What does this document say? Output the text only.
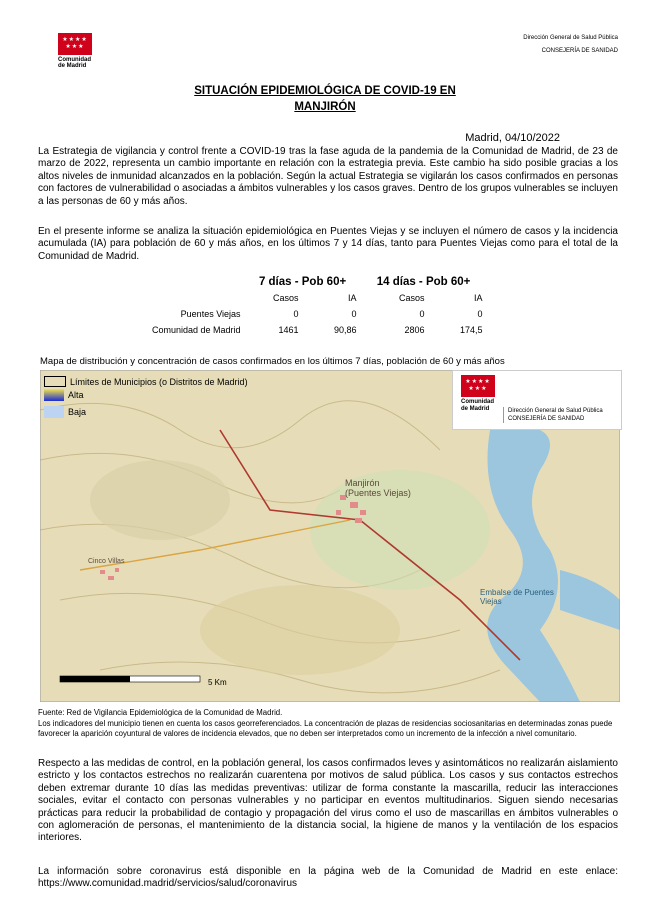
★★★★ ★★★
Comunidad
de Madrid
Dirección General de Salud Pública
CONSEJERÍA DE SANIDAD
SITUACIÓN EPIDEMIOLÓGICA DE COVID-19 EN
MANJIRÓN
Madrid, 04/10/2022
La Estrategia de vigilancia y control frente a COVID-19 tras la fase aguda de la pandemia de la Comunidad de Madrid, de 23 de marzo de 2022, representa un cambio importante en relación con la estrategia previa. Este cambio ha sido posible gracias a los altos niveles de inmunidad alcanzados en la población. Según la actual Estrategia se vigilarán los casos confirmados en personas con factores de vulnerabilidad o asociadas a ámbitos vulnerables y los casos graves. Dentro de los grupos vulnerables se incluyen a las personas de 60 y más años.
En el presente informe se analiza la situación epidemiológica en Puentes Viejas y se incluyen el número de casos y la incidencia acumulada (IA) para población de 60 y más años, en los últimos 7 y 14 días, tanto para Puentes Viejas como para el total de la Comunidad de Madrid.
	7 días - Pob 60+		14 días - Pob 60+	
	Casos	IA	Casos	IA
Puentes Viejas	0	0	0	0
Comunidad de Madrid	1461	90,86	2806	174,5
Mapa de distribución y concentración de casos confirmados en los últimos 7 días, población de 60 y más años
Manjirón
(Puentes Viejas)
Cinco Villas
Embalse de Puentes Viejas
5 Km
Límites de Municipios (o Distritos de Madrid)
Alta
Baja
★★★★ ★★★
Comunidad
de Madrid	Dirección General de Salud Pública
CONSEJERÍA DE SANIDAD
Fuente: Red de Vigilancia Epidemiológica de la Comunidad de Madrid.
Los indicadores del municipio tienen en cuenta los casos georreferenciados. La concentración de plazas de residencias sociosanitarias en determinadas zonas puede favorecer la aparición coyuntural de valores de incidencia elevados, que no deben ser interpretados como un incremento de la infección a nivel comunitario.
Respecto a las medidas de control, en la población general, los casos confirmados leves y asintomáticos no realizarán aislamiento estricto y los contactos estrechos no realizarán cuarentena por motivos de salud pública. Los casos y sus contactos estrechos deben extremar durante 10 días las medidas preventivas: utilizar de forma constante la mascarilla, reducir las interacciones sociales, evitar el contacto con personas vulnerables y no participar en eventos multitudinarios. Siguen siendo necesarias prácticas para reducir la probabilidad de contagio y propagación del virus como el uso de mascarillas en ámbitos vulnerables o con aglomeración de personas, el mantenimiento de la distancia social, la higiene de manos y la ventilación de los espacios interiores.
La información sobre coronavirus está disponible en la página web de la Comunidad de Madrid en este enlace: https://www.comunidad.madrid/servicios/salud/coronavirus
